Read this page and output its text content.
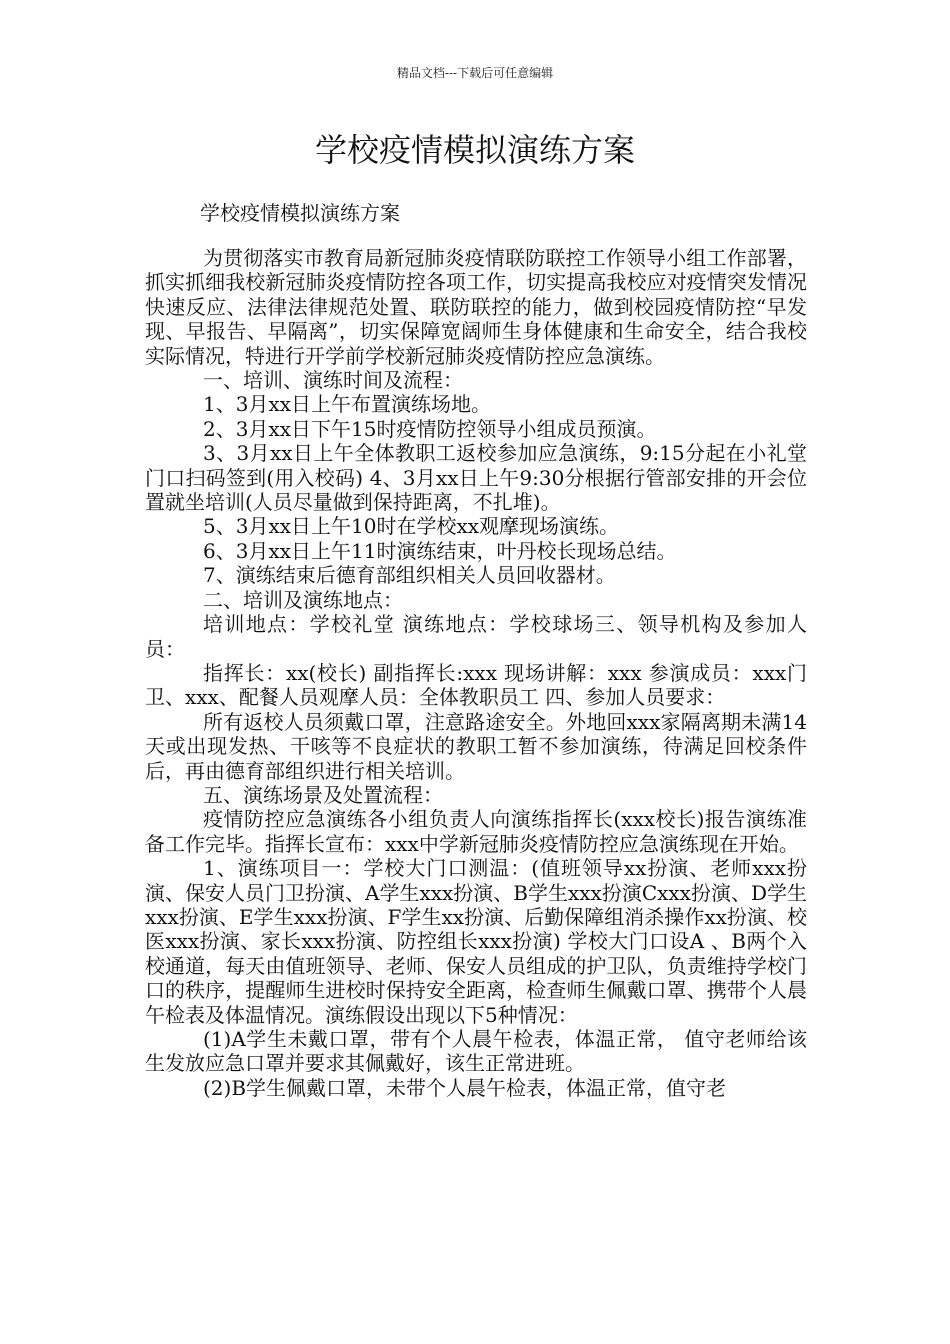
精品文档---下载后可任意编辑
学校疫情模拟演练方案
学校疫情模拟演练方案

为贯彻落实市教育局新冠肺炎疫情联防联控工作领导小组工作部署，抓实抓细我校新冠肺炎疫情防控各项工作，切实提高我校应对疫情突发情况快速反应、法律法律规范处置、联防联控的能力，做到校园疫情防控“早发现、早报告、早隔离”，切实保障宽阔师生身体健康和生命安全，结合我校实际情况，特进行开学前学校新冠肺炎疫情防控应急演练。

一、培训、演练时间及流程：

1、3月xx日上午布置演练场地。

2、3月xx日下午15时疫情防控领导小组成员预演。

3、3月xx日上午全体教职工返校参加应急演练，9:15分起在小礼堂门口扫码签到(用入校码) 4、3月xx日上午9:30分根据行管部安排的开会位置就坐培训(人员尽量做到保持距离，不扎堆)。

5、3月xx日上午10时在学校xx观摩现场演练。

6、3月xx日上午11时演练结束，叶丹校长现场总结。

7、演练结束后德育部组织相关人员回收器材。

二、培训及演练地点：

培训地点：学校礼堂 演练地点：学校球场三、领导机构及参加人员：

指挥长：xx(校长) 副指挥长:xxx 现场讲解：xxx 参演成员：xxx门卫、xxx、配餐人员观摩人员：全体教职员工 四、参加人员要求：

所有返校人员须戴口罩，注意路途安全。外地回xxx家隔离期未满14天或出现发热、干咳等不良症状的教职工暂不参加演练，待满足回校条件后，再由德育部组织进行相关培训。

五、演练场景及处置流程：

疫情防控应急演练各小组负责人向演练指挥长(xxx校长)报告演练准备工作完毕。指挥长宣布：xxx中学新冠肺炎疫情防控应急演练现在开始。

1、演练项目一：学校大门口测温：(值班领导xx扮演、老师xxx扮演、保安人员门卫扮演、A学生xxx扮演、B学生xxx扮演Cxxx扮演、D学生xxx扮演、E学生xxx扮演、F学生xx扮演、后勤保障组消杀操作xx扮演、校医xxx扮演、家长xxx扮演、防控组长xxx扮演) 学校大门口设A 、B两个入校通道，每天由值班领导、老师、保安人员组成的护卫队，负责维持学校门口的秩序，提醒师生进校时保持安全距离，检查师生佩戴口罩、携带个人晨午检表及体温情况。演练假设出现以下5种情况：

(1)A学生未戴口罩，带有个人晨午检表，体温正常， 值守老师给该生发放应急口罩并要求其佩戴好，该生正常进班。

(2)B学生佩戴口罩，未带个人晨午检表，体温正常，值守老
